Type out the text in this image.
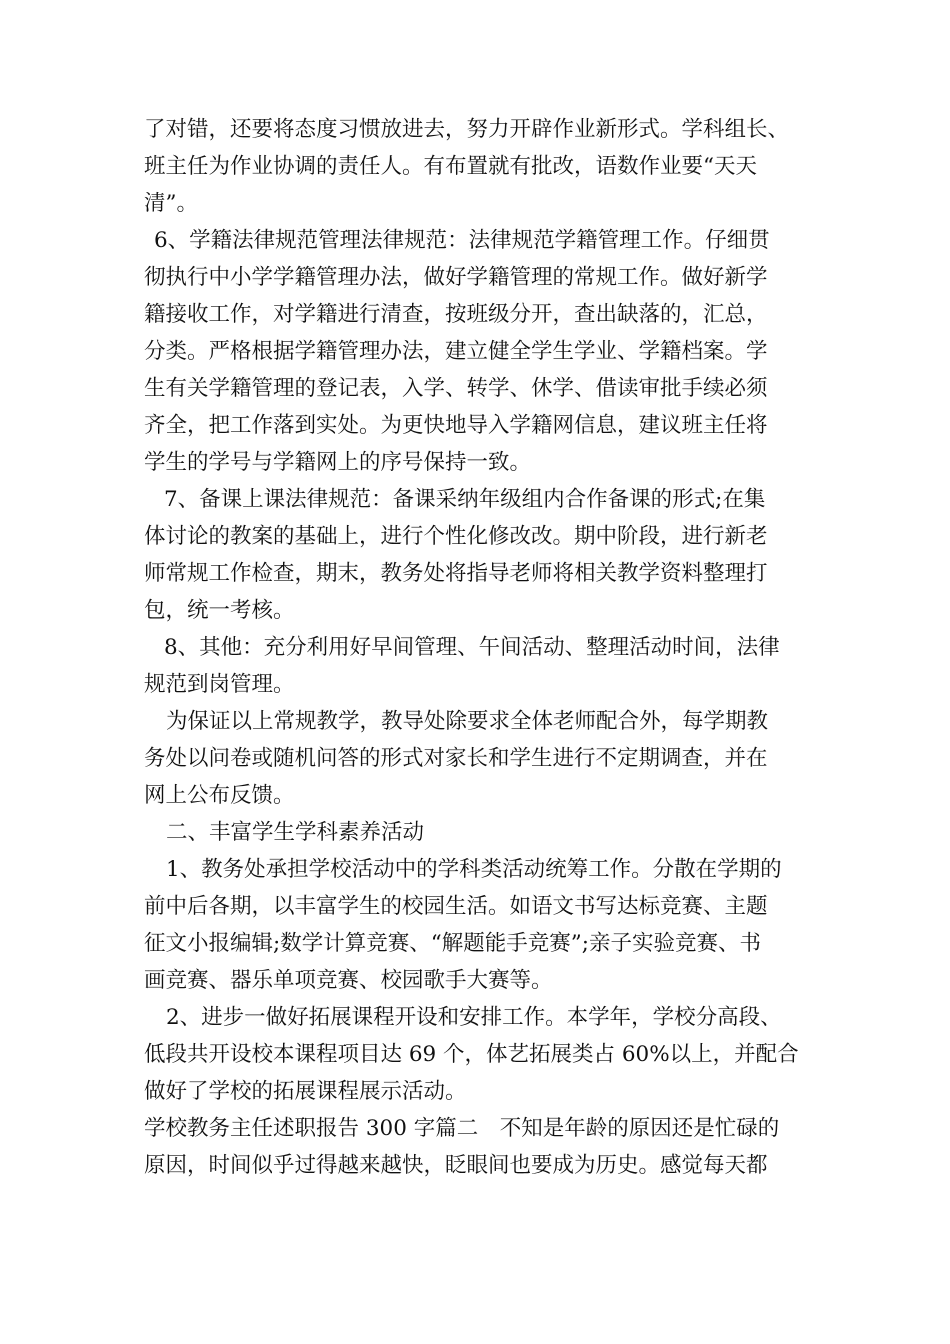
了对错，还要将态度习惯放进去，努力开辟作业新形式。学科组长、
班主任为作业协调的责任人。有布置就有批改，语数作业要“天天
清”。
6、学籍法律规范管理法律规范：法律规范学籍管理工作。仔细贯
彻执行中小学学籍管理办法，做好学籍管理的常规工作。做好新学
籍接收工作，对学籍进行清查，按班级分开，查出缺落的，汇总，
分类。严格根据学籍管理办法，建立健全学生学业、学籍档案。学
生有关学籍管理的登记表，入学、转学、休学、借读审批手续必须
齐全，把工作落到实处。为更快地导入学籍网信息，建议班主任将
学生的学号与学籍网上的序号保持一致。
7、备课上课法律规范：备课采纳年级组内合作备课的形式;在集
体讨论的教案的基础上，进行个性化修改改。期中阶段，进行新老
师常规工作检查，期末，教务处将指导老师将相关教学资料整理打
包，统一考核。
8、其他：充分利用好早间管理、午间活动、整理活动时间，法律
规范到岗管理。
为保证以上常规教学，教导处除要求全体老师配合外，每学期教
务处以问卷或随机问答的形式对家长和学生进行不定期调查，并在
网上公布反馈。
二、丰富学生学科素养活动
1、教务处承担学校活动中的学科类活动统筹工作。分散在学期的
前中后各期，以丰富学生的校园生活。如语文书写达标竞赛、主题
征文小报编辑;数学计算竞赛、“解题能手竞赛”;亲子实验竞赛、书
画竞赛、器乐单项竞赛、校园歌手大赛等。
2、进步一做好拓展课程开设和安排工作。本学年，学校分高段、
低段共开设校本课程项目达 69 个，体艺拓展类占 60%以上，并配合
做好了学校的拓展课程展示活动。
学校教务主任述职报告 300 字篇二　不知是年龄的原因还是忙碌的
原因，时间似乎过得越来越快，眨眼间也要成为历史。感觉每天都
